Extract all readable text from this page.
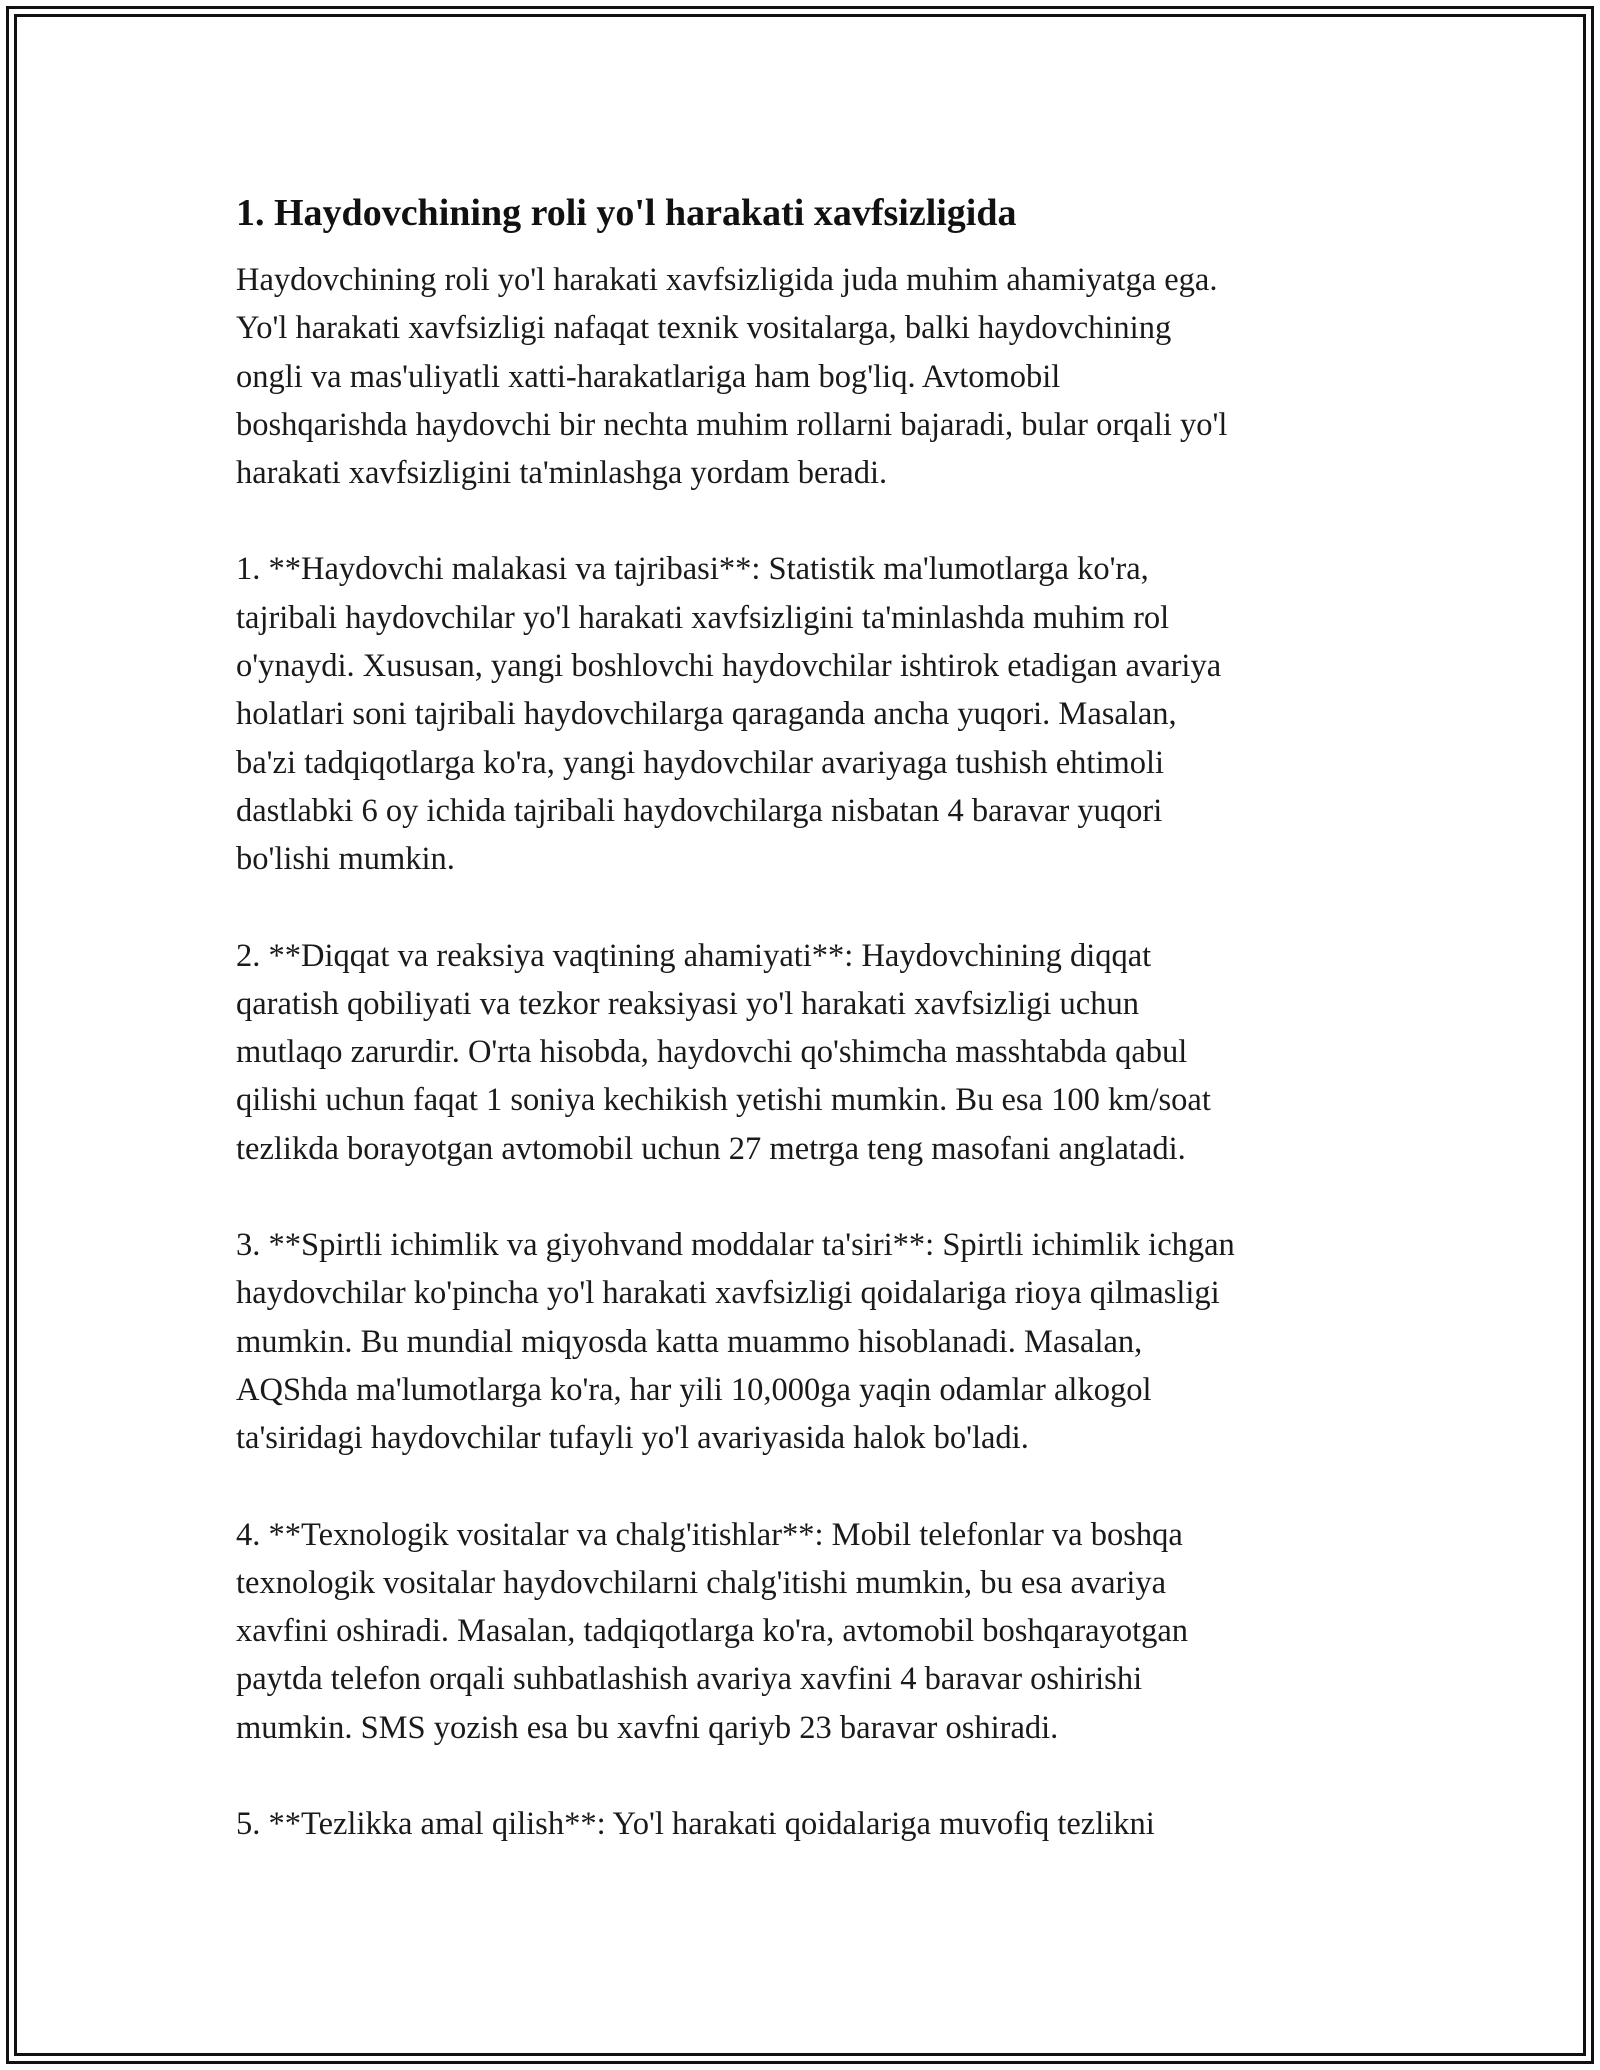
1. Haydovchining roli yo'l harakati xavfsizligida
Haydovchining roli yo'l harakati xavfsizligida juda muhim ahamiyatga ega.
Yo'l harakati xavfsizligi nafaqat texnik vositalarga, balki haydovchining
ongli va mas'uliyatli xatti-harakatlariga ham bog'liq. Avtomobil
boshqarishda haydovchi bir nechta muhim rollarni bajaradi, bular orqali yo'l
harakati xavfsizligini ta'minlashga yordam beradi.
1. **Haydovchi malakasi va tajribasi**: Statistik ma'lumotlarga ko'ra,
tajribali haydovchilar yo'l harakati xavfsizligini ta'minlashda muhim rol
o'ynaydi. Xususan, yangi boshlovchi haydovchilar ishtirok etadigan avariya
holatlari soni tajribali haydovchilarga qaraganda ancha yuqori. Masalan,
ba'zi tadqiqotlarga ko'ra, yangi haydovchilar avariyaga tushish ehtimoli
dastlabki 6 oy ichida tajribali haydovchilarga nisbatan 4 baravar yuqori
bo'lishi mumkin.
2. **Diqqat va reaksiya vaqtining ahamiyati**: Haydovchining diqqat
qaratish qobiliyati va tezkor reaksiyasi yo'l harakati xavfsizligi uchun
mutlaqo zarurdir. O'rta hisobda, haydovchi qo'shimcha masshtabda qabul
qilishi uchun faqat 1 soniya kechikish yetishi mumkin. Bu esa 100 km/soat
tezlikda borayotgan avtomobil uchun 27 metrga teng masofani anglatadi.
3. **Spirtli ichimlik va giyohvand moddalar ta'siri**: Spirtli ichimlik ichgan
haydovchilar ko'pincha yo'l harakati xavfsizligi qoidalariga rioya qilmasligi
mumkin. Bu mundial miqyosda katta muammo hisoblanadi. Masalan,
AQShda ma'lumotlarga ko'ra, har yili 10,000ga yaqin odamlar alkogol
ta'siridagi haydovchilar tufayli yo'l avariyasida halok bo'ladi.
4. **Texnologik vositalar va chalg'itishlar**: Mobil telefonlar va boshqa
texnologik vositalar haydovchilarni chalg'itishi mumkin, bu esa avariya
xavfini oshiradi. Masalan, tadqiqotlarga ko'ra, avtomobil boshqarayotgan
paytda telefon orqali suhbatlashish avariya xavfini 4 baravar oshirishi
mumkin. SMS yozish esa bu xavfni qariyb 23 baravar oshiradi.
5. **Tezlikka amal qilish**: Yo'l harakati qoidalariga muvofiq tezlikni
